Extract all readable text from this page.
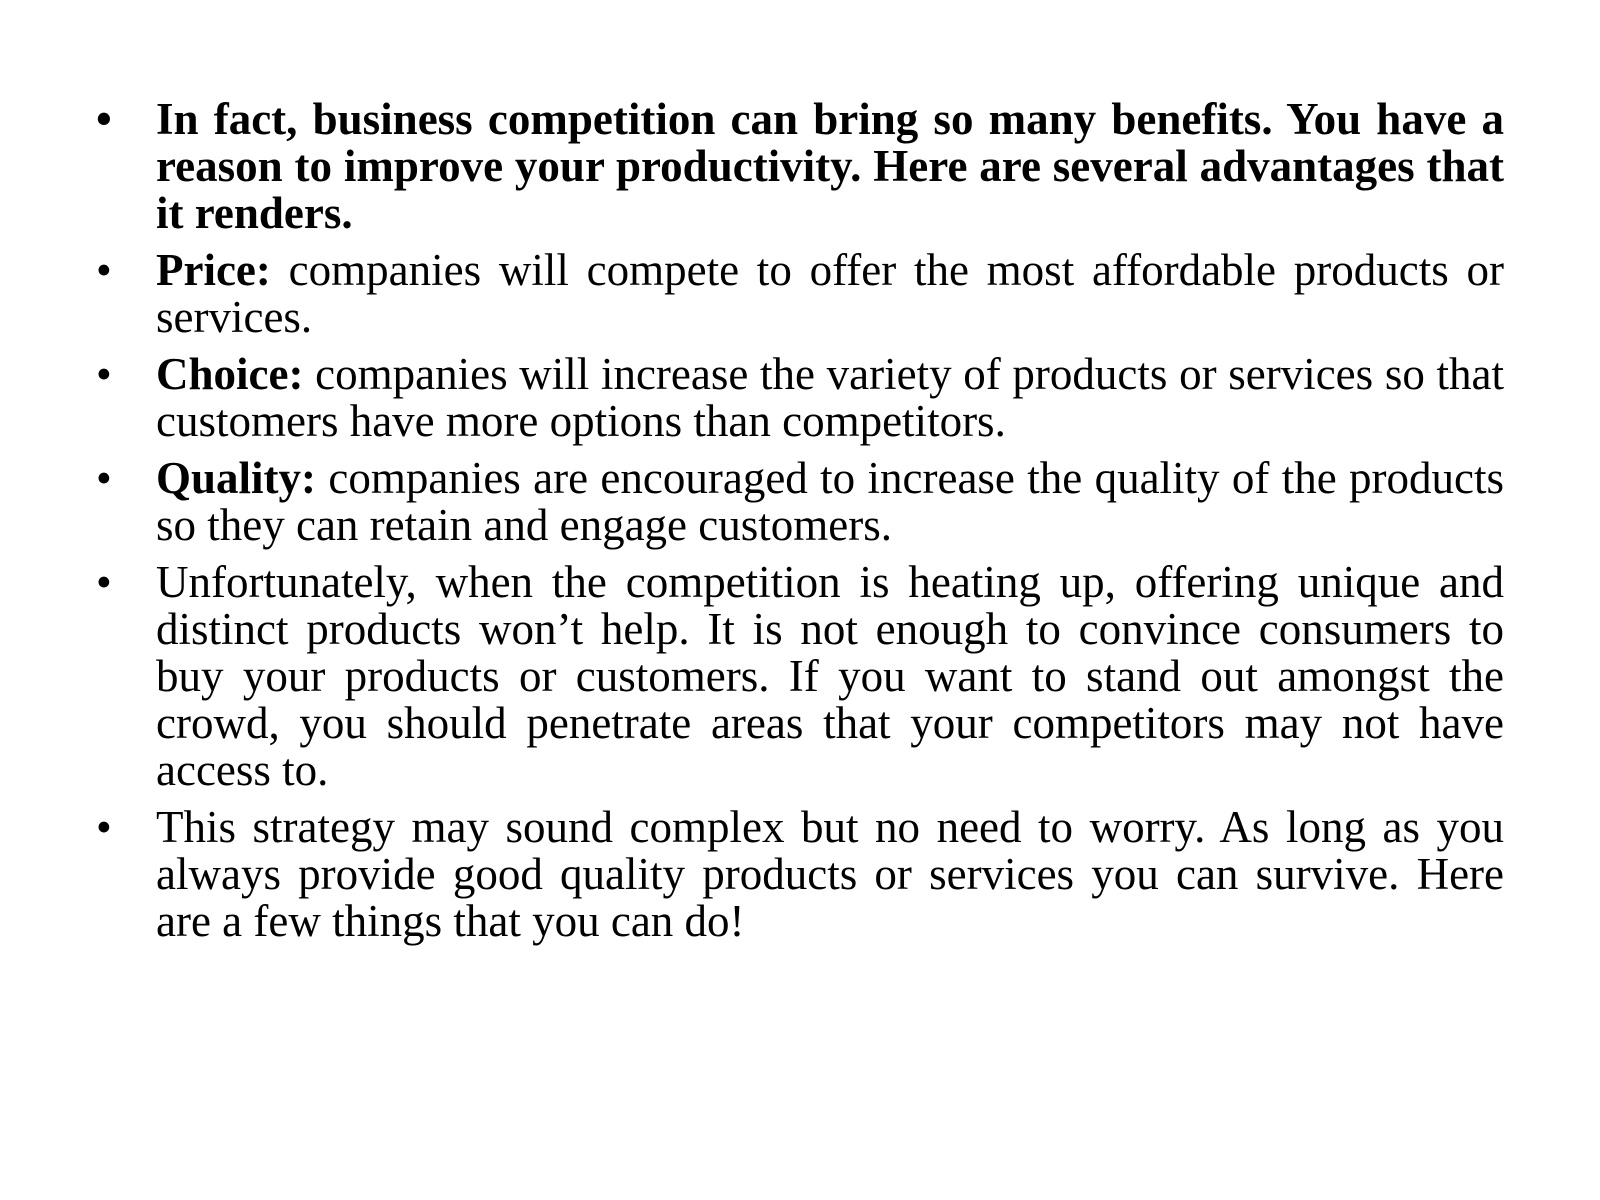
• In fact, business competition can bring so many benefits. You have a reason to improve your productivity. Here are several advantages that it renders.
• Price: companies will compete to offer the most affordable products or services.
• Choice: companies will increase the variety of products or services so that customers have more options than competitors.
• Quality: companies are encouraged to increase the quality of the products so they can retain and engage customers.
• Unfortunately, when the competition is heating up, offering unique and distinct products won’t help. It is not enough to convince consumers to buy your products or customers. If you want to stand out amongst the crowd, you should penetrate areas that your competitors may not have access to.
• This strategy may sound complex but no need to worry. As long as you always provide good quality products or services you can survive. Here are a few things that you can do!
